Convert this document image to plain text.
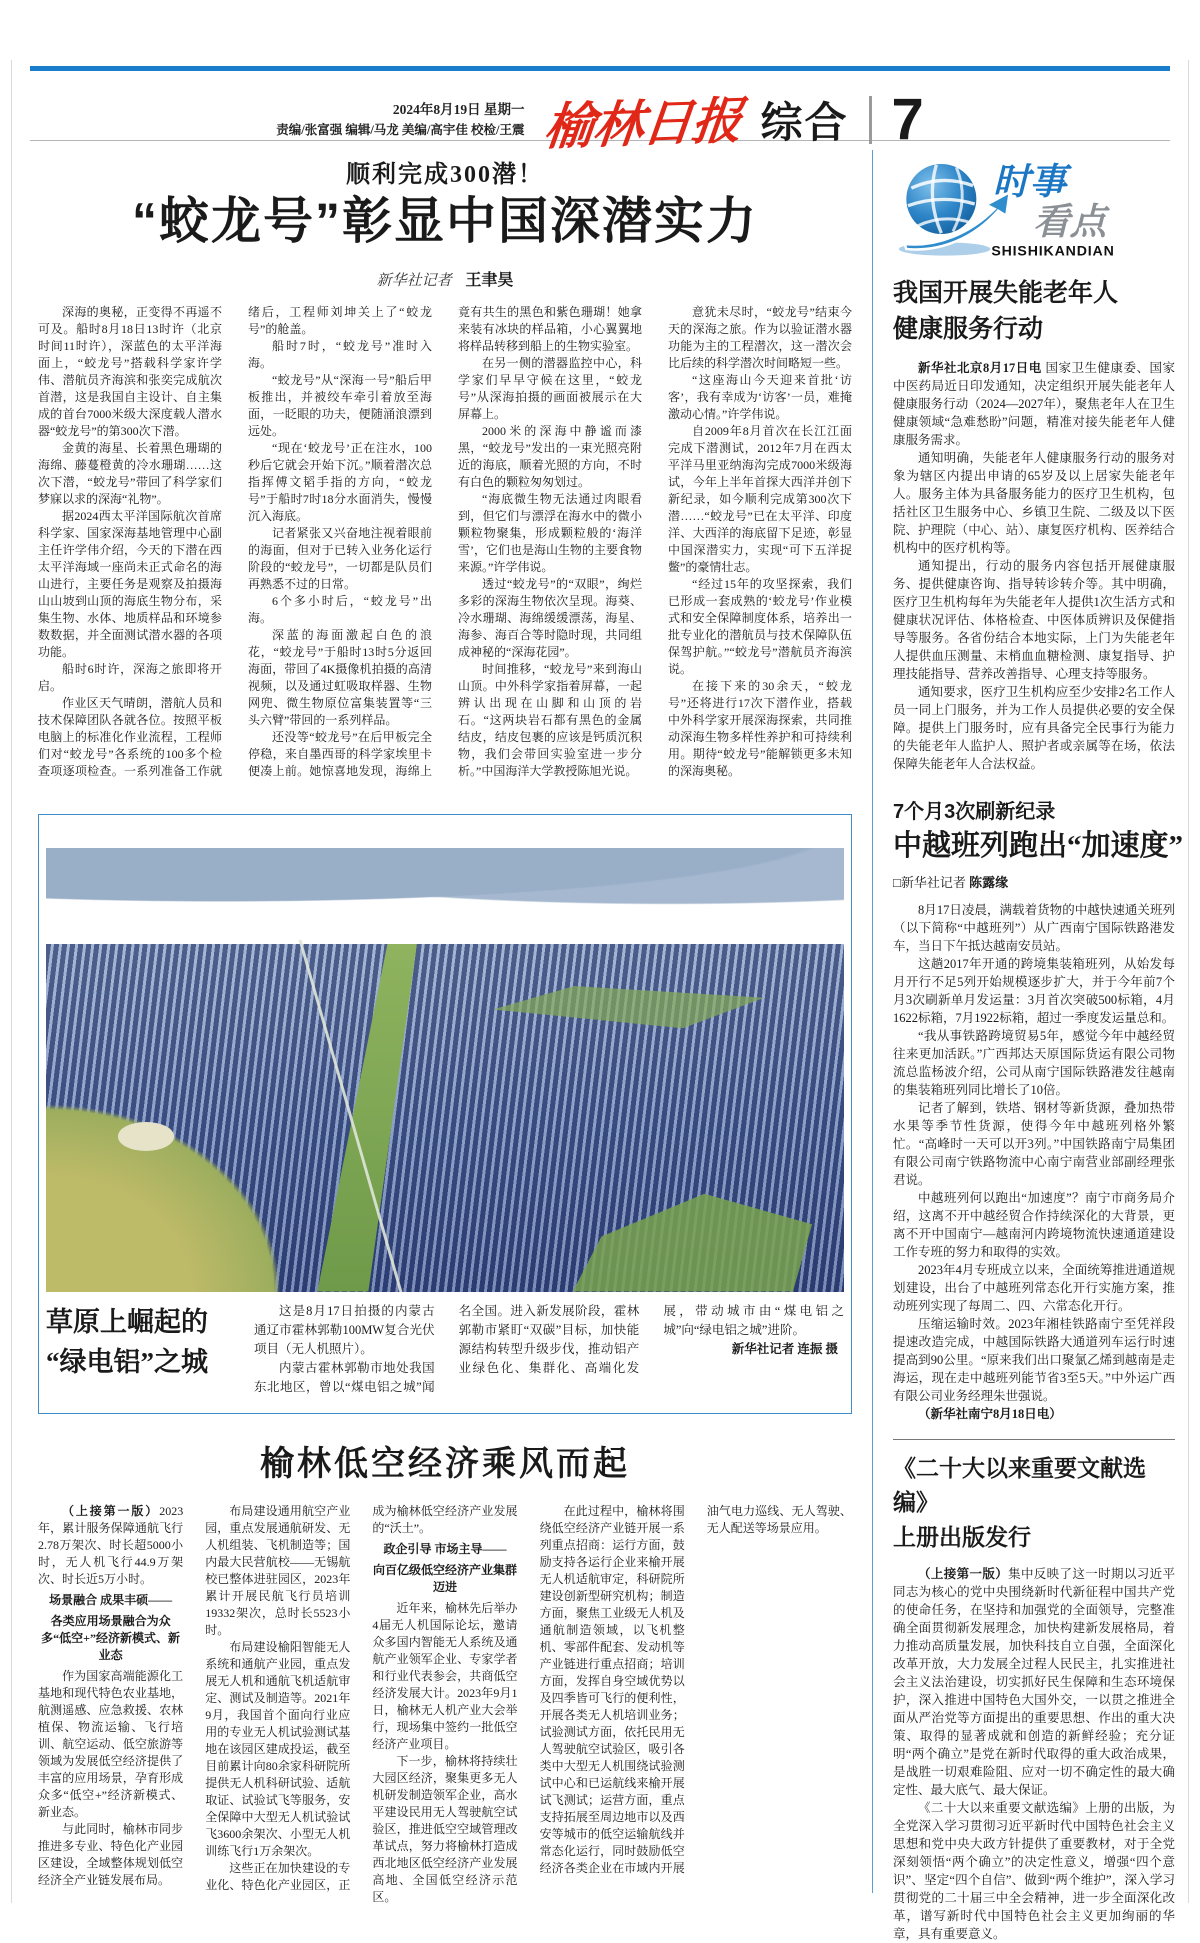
2024年8月19日 星期一
责编/张富强 编辑/马龙 美编/高宇佳 校检/王震 榆林日报 综合 7
顺利完成300潜！
“蛟龙号”彰显中国深潜实力
新华社记者 王聿昊

深海的奥秘，正变得不再遥不可及。船时8月18日13时许（北京时间11时许），深蓝色的太平洋海面上，“蛟龙号”搭载科学家许学伟、潜航员齐海滨和张奕完成航次首潜，这是我国自主设计、自主集成的首台7000米级大深度载人潜水器“蛟龙号”的第300次下潜。

金黄的海星、长着黑色珊瑚的海绵、藤蔓橙黄的冷水珊瑚……这次下潜，“蛟龙号”带回了科学家们梦寐以求的深海“礼物”。

据2024西太平洋国际航次首席科学家、国家深海基地管理中心副主任许学伟介绍，今天的下潜在西太平洋海域一座尚未正式命名的海山进行，主要任务是观察及拍摄海山山坡到山顶的海底生物分布，采集生物、水体、地质样品和环境参数数据，并全面测试潜水器的各项功能。

船时6时许，深海之旅即将开启。

作业区天气晴朗，潜航人员和技术保障团队各就各位。按照平板电脑上的标准化作业流程，工程师们对“蛟龙号”各系统的100多个检查项逐项检查。一系列准备工作就绪后，工程师刘坤关上了“蛟龙号”的舱盖。

船时7时，“蛟龙号”准时入海。

“蛟龙号”从“深海一号”船后甲板推出，并被绞车牵引着放至海面，一眨眼的功夫，便随涌浪漂到远处。

“现在‘蛟龙号’正在注水，100秒后它就会开始下沉。”顺着潜次总指挥傅文韬手指的方向，“蛟龙号”于船时7时18分水面消失，慢慢沉入海底。

记者紧张又兴奋地注视着眼前的海面，但对于已转入业务化运行阶段的“蛟龙号”，一切都是队员们再熟悉不过的日常。

6个多小时后，“蛟龙号”出海。

深蓝的海面激起白色的浪花，“蛟龙号”于船时13时5分返回海面，带回了4K摄像机拍摄的高清视频，以及通过虹吸取样器、生物网兜、微生物原位富集装置等“三头六臂”带回的一系列样品。

还没等“蛟龙号”在后甲板完全停稳，来自墨西哥的科学家埃里卡便凑上前。她惊喜地发现，海绵上竟有共生的黑色和紫色珊瑚！她拿来装有冰块的样品箱，小心翼翼地将样品转移到船上的生物实验室。

在另一侧的潜器监控中心，科学家们早早守候在这里，“蛟龙号”从深海拍摄的画面被展示在大屏幕上。

2000米的深海中静谧而漆黑，“蛟龙号”发出的一束光照亮附近的海底，顺着光照的方向，不时有白色的颗粒匆匆划过。

“海底微生物无法通过肉眼看到，但它们与漂浮在海水中的微小颗粒物聚集，形成颗粒般的‘海洋雪’，它们也是海山生物的主要食物来源。”许学伟说。

透过“蛟龙号”的“双眼”，绚烂多彩的深海生物依次呈现。海葵、冷水珊瑚、海绵缓缓漂荡，海星、海参、海百合等时隐时现，共同组成神秘的“深海花园”。

时间推移，“蛟龙号”来到海山山顶。中外科学家指着屏幕，一起辨认出现在山脚和山顶的岩石。“这两块岩石都有黑色的金属结皮，结皮包裹的应该是钙质沉积物，我们会带回实验室进一步分析。”中国海洋大学教授陈旭光说。

意犹未尽时，“蛟龙号”结束今天的深海之旅。作为以验证潜水器功能为主的工程潜次，这一潜次会比后续的科学潜次时间略短一些。

“这座海山今天迎来首批‘访客’，我有幸成为‘访客’一员，难掩激动心情。”许学伟说。

自2009年8月首次在长江江面完成下潜测试，2012年7月在西太平洋马里亚纳海沟完成7000米级海试，今年上半年首探大西洋并创下新纪录，如今顺利完成第300次下潜……“蛟龙号”已在太平洋、印度洋、大西洋的海底留下足迹，彰显中国深潜实力，实现“可下五洋捉鳖”的豪情壮志。

“经过15年的攻坚探索，我们已形成一套成熟的‘蛟龙号’作业模式和安全保障制度体系，培养出一批专业化的潜航员与技术保障队伍保驾护航。”“蛟龙号”潜航员齐海滨说。

在接下来的30余天，“蛟龙号”还将进行17次下潜作业，搭载中外科学家开展深海探索，共同推动深海生物多样性养护和可持续利用。期待“蛟龙号”能解锁更多未知的深海奥秘。

草原上崛起的
“绿电铝”之城

这是8月17日拍摄的内蒙古通辽市霍林郭勒100MW复合光伏项目（无人机照片）。

内蒙古霍林郭勒市地处我国东北地区，曾以“煤电铝之城”闻名全国。进入新发展阶段，霍林郭勒市紧盯“双碳”目标，加快能源结构转型升级步伐，推动铝产业绿色化、集群化、高端化发展，带动城市由“煤电铝之城”向“绿电铝之城”进阶。

新华社记者 连振 摄

榆林低空经济乘风而起

（上接第一版）2023年，累计服务保障通航飞行2.78万架次、时长超5000小时，无人机飞行44.9万架次、时长近5万小时。

场景融合 成果丰硕——

各类应用场景融合为众多“低空+”经济新模式、新业态

作为国家高端能源化工基地和现代特色农业基地，航测遥感、应急救援、农林植保、物流运输、飞行培训、航空运动、低空旅游等领域为发展低空经济提供了丰富的应用场景，孕育形成众多“低空+”经济新模式、新业态。

与此同时，榆林市同步推进多专业、特色化产业园区建设，全域整体规划低空经济全产业链发展布局。

布局建设通用航空产业园，重点发展通航研发、无人机组装、飞机制造等；国内最大民营航校——无锡航校已整体进驻园区，2023年累计开展民航飞行员培训19332架次，总时长5523小时。

布局建设榆阳智能无人系统和通航产业园，重点发展无人机和通航飞机适航审定、测试及制造等。2021年9月，我国首个面向行业应用的专业无人机试验测试基地在该园区建成投运，截至目前累计向80余家科研院所提供无人机科研试验、适航取证、试验试飞等服务，安全保障中大型无人机试验试飞3600余架次、小型无人机训练飞行1万余架次。

这些正在加快建设的专业化、特色化产业园区，正成为榆林低空经济产业发展的“沃土”。

政企引导 市场主导——

向百亿级低空经济产业集群迈进

近年来，榆林先后举办4届无人机国际论坛，邀请众多国内智能无人系统及通航产业领军企业、专家学者和行业代表参会，共商低空经济发展大计。2023年9月1日，榆林无人机产业大会举行，现场集中签约一批低空经济产业项目。

下一步，榆林将持续壮大园区经济，聚集更多无人机研发制造领军企业，高水平建设民用无人驾驶航空试验区，推进低空空域管理改革试点，努力将榆林打造成西北地区低空经济产业发展高地、全国低空经济示范区。

在此过程中，榆林将围绕低空经济产业链开展一系列重点招商：运行方面，鼓励支持各运行企业来榆开展无人机适航审定，科研院所建设创新型研究机构；制造方面，聚焦工业级无人机及通航制造领域，以飞机整机、零部件配套、发动机等产业链进行重点招商；培训方面，发挥自身空域优势以及四季皆可飞行的便利性，开展各类无人机培训业务；试验测试方面，依托民用无人驾驶航空试验区，吸引各类中大型无人机围绕试验测试中心和已运航线来榆开展试飞测试；运营方面，重点支持拓展至周边地市以及西安等城市的低空运输航线并常态化运行，同时鼓励低空经济各类企业在市域内开展油气电力巡线、无人驾驶、无人配送等场景应用。

时事
看点
SHISHIKANDIAN
我国开展失能老年人
健康服务行动

新华社北京8月17日电 国家卫生健康委、国家中医药局近日印发通知，决定组织开展失能老年人健康服务行动（2024—2027年），聚焦老年人在卫生健康领域“急难愁盼”问题，精准对接失能老年人健康服务需求。

通知明确，失能老年人健康服务行动的服务对象为辖区内提出申请的65岁及以上居家失能老年人。服务主体为具备服务能力的医疗卫生机构，包括社区卫生服务中心、乡镇卫生院、二级及以下医院、护理院（中心、站）、康复医疗机构、医养结合机构中的医疗机构等。

通知提出，行动的服务内容包括开展健康服务、提供健康咨询、指导转诊转介等。其中明确，医疗卫生机构每年为失能老年人提供1次生活方式和健康状况评估、体格检查、中医体质辨识及保健指导等服务。各省份结合本地实际，上门为失能老年人提供血压测量、末梢血血糖检测、康复指导、护理技能指导、营养改善指导、心理支持等服务。

通知要求，医疗卫生机构应至少安排2名工作人员一同上门服务，并为工作人员提供必要的安全保障。提供上门服务时，应有具备完全民事行为能力的失能老年人监护人、照护者或亲属等在场，依法保障失能老年人合法权益。

7个月3次刷新纪录
中越班列跑出“加速度”
□新华社记者 陈露缘

8月17日凌晨，满载着货物的中越快速通关班列（以下简称“中越班列”）从广西南宁国际铁路港发车，当日下午抵达越南安员站。

这趟2017年开通的跨境集装箱班列，从始发每月开行不足5列开始规模逐步扩大，并于今年前7个月3次刷新单月发运量：3月首次突破500标箱，4月1622标箱，7月1922标箱，超过一季度发运量总和。

“我从事铁路跨境贸易5年，感觉今年中越经贸往来更加活跃。”广西邦达天原国际货运有限公司物流总监杨波介绍，公司从南宁国际铁路港发往越南的集装箱班列同比增长了10倍。

记者了解到，铁塔、钢材等新货源，叠加热带水果等季节性货源，使得今年中越班列格外繁忙。“高峰时一天可以开3列。”中国铁路南宁局集团有限公司南宁铁路物流中心南宁南营业部副经理张君说。

中越班列何以跑出“加速度”？南宁市商务局介绍，这离不开中越经贸合作持续深化的大背景，更离不开中国南宁—越南河内跨境物流快速通道建设工作专班的努力和取得的实效。

2023年4月专班成立以来，全面统筹推进通道规划建设，出台了中越班列常态化开行实施方案，推动班列实现了每周二、四、六常态化开行。

压缩运输时效。2023年湘桂铁路南宁至凭祥段提速改造完成，中越国际铁路大通道列车运行时速提高到90公里。“原来我们出口聚氯乙烯到越南是走海运，现在走中越班列能节省3至5天。”中外运广西有限公司业务经理朱世强说。

（新华社南宁8月18日电）

《二十大以来重要文献选编》
上册出版发行

（上接第一版）集中反映了这一时期以习近平同志为核心的党中央围绕新时代新征程中国共产党的使命任务，在坚持和加强党的全面领导，完整准确全面贯彻新发展理念，加快构建新发展格局，着力推动高质量发展，加快科技自立自强，全面深化改革开放，大力发展全过程人民民主，扎实推进社会主义法治建设，切实抓好民生保障和生态环境保护，深入推进中国特色大国外交，一以贯之推进全面从严治党等方面提出的重要思想、作出的重大决策、取得的显著成就和创造的新鲜经验；充分证明“两个确立”是党在新时代取得的重大政治成果，是战胜一切艰难险阻、应对一切不确定性的最大确定性、最大底气、最大保证。

《二十大以来重要文献选编》上册的出版，为全党深入学习贯彻习近平新时代中国特色社会主义思想和党中央大政方针提供了重要教材，对于全党深刻领悟“两个确立”的决定性意义，增强“四个意识”、坚定“四个自信”、做到“两个维护”，深入学习贯彻党的二十届三中全会精神，进一步全面深化改革，谱写新时代中国特色社会主义更加绚丽的华章，具有重要意义。
